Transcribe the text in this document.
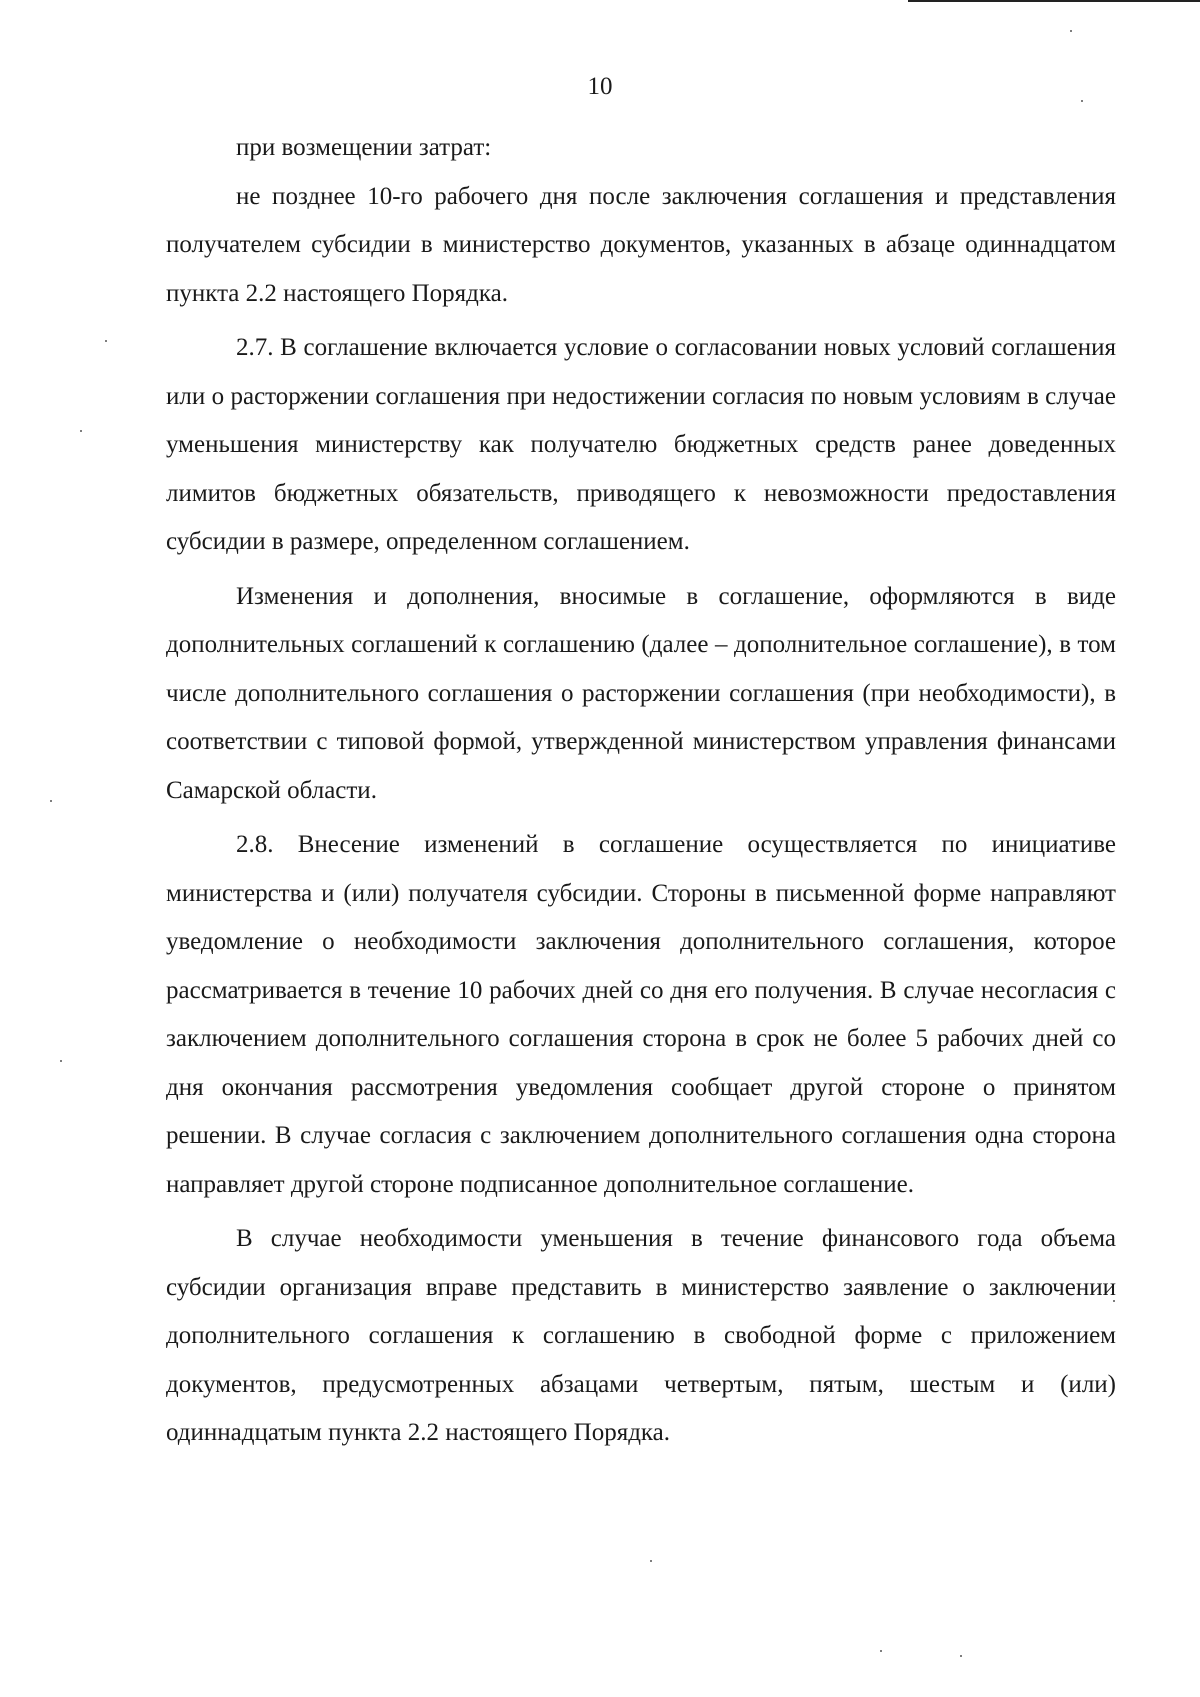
10

при возмещении затрат:

не позднее 10-го рабочего дня после заключения соглашения и представления получателем субсидии в министерство документов, указанных в абзаце одиннадцатом пункта 2.2 настоящего Порядка.

2.7. В соглашение включается условие о согласовании новых условий соглашения или о расторжении соглашения при недостижении согласия по новым условиям в случае уменьшения министерству как получателю бюджетных средств ранее доведенных лимитов бюджетных обязательств, приводящего к невозможности предоставления субсидии в размере, определенном соглашением.

Изменения и дополнения, вносимые в соглашение, оформляются в виде дополнительных соглашений к соглашению (далее – дополнительное соглашение), в том числе дополнительного соглашения о расторжении соглашения (при необходимости), в соответствии с типовой формой, утвержденной министерством управления финансами Самарской области.

2.8. Внесение изменений в соглашение осуществляется по инициативе министерства и (или) получателя субсидии. Стороны в письменной форме направляют уведомление о необходимости заключения дополнительного соглашения, которое рассматривается в течение 10 рабочих дней со дня его получения. В случае несогласия с заключением дополнительного соглашения сторона в срок не более 5 рабочих дней со дня окончания рассмотрения уведомления сообщает другой стороне о принятом решении. В случае согласия с заключением дополнительного соглашения одна сторона направляет другой стороне подписанное дополнительное соглашение.

В случае необходимости уменьшения в течение финансового года объема субсидии организация вправе представить в министерство заявление о заключении дополнительного соглашения к соглашению в свободной форме с приложением документов, предусмотренных абзацами четвертым, пятым, шестым и (или) одиннадцатым пункта 2.2 настоящего Порядка.
